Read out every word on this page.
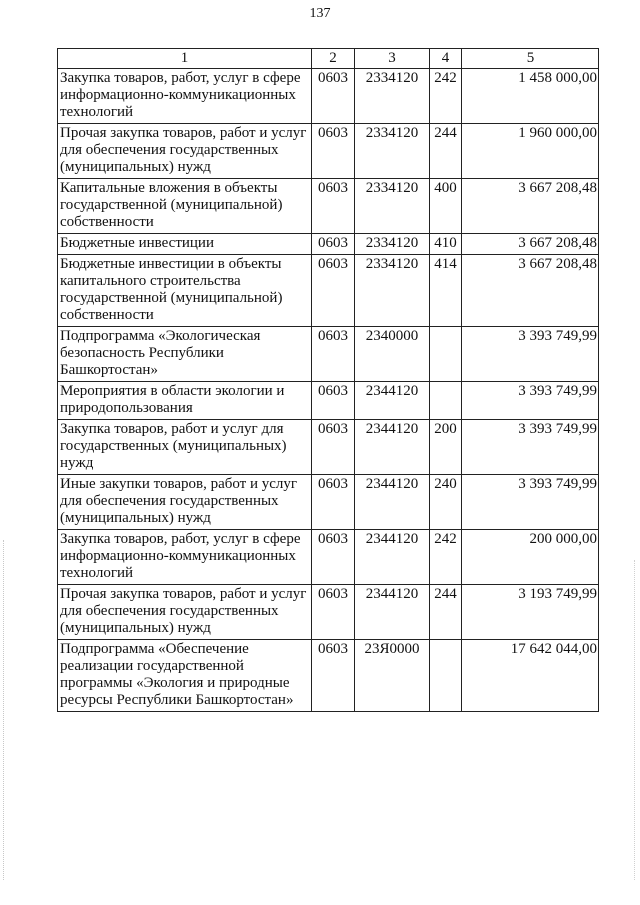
137
1	2	3	4	5
Закупка товаров, работ, услуг в сфере информационно-коммуникационных технологий	0603	2334120	242	1 458 000,00
Прочая закупка товаров, работ и услуг для обеспечения государственных (муниципальных) нужд	0603	2334120	244	1 960 000,00
Капитальные вложения в объекты государственной (муниципальной) собственности	0603	2334120	400	3 667 208,48
Бюджетные инвестиции	0603	2334120	410	3 667 208,48
Бюджетные инвестиции в объекты капитального строительства государственной (муниципальной) собственности	0603	2334120	414	3 667 208,48
Подпрограмма «Экологическая безопасность Республики Башкортостан»	0603	2340000		3 393 749,99
Мероприятия в области экологии и природопользования	0603	2344120		3 393 749,99
Закупка товаров, работ и услуг для государственных (муниципальных) нужд	0603	2344120	200	3 393 749,99
Иные закупки товаров, работ и услуг для обеспечения государственных (муниципальных) нужд	0603	2344120	240	3 393 749,99
Закупка товаров, работ, услуг в сфере информационно-коммуникационных технологий	0603	2344120	242	200 000,00
Прочая закупка товаров, работ и услуг для обеспечения государственных (муниципальных) нужд	0603	2344120	244	3 193 749,99
Подпрограмма «Обеспечение реализации государственной программы «Экология и природные ресурсы Республики Башкортостан»	0603	23Я0000		17 642 044,00
